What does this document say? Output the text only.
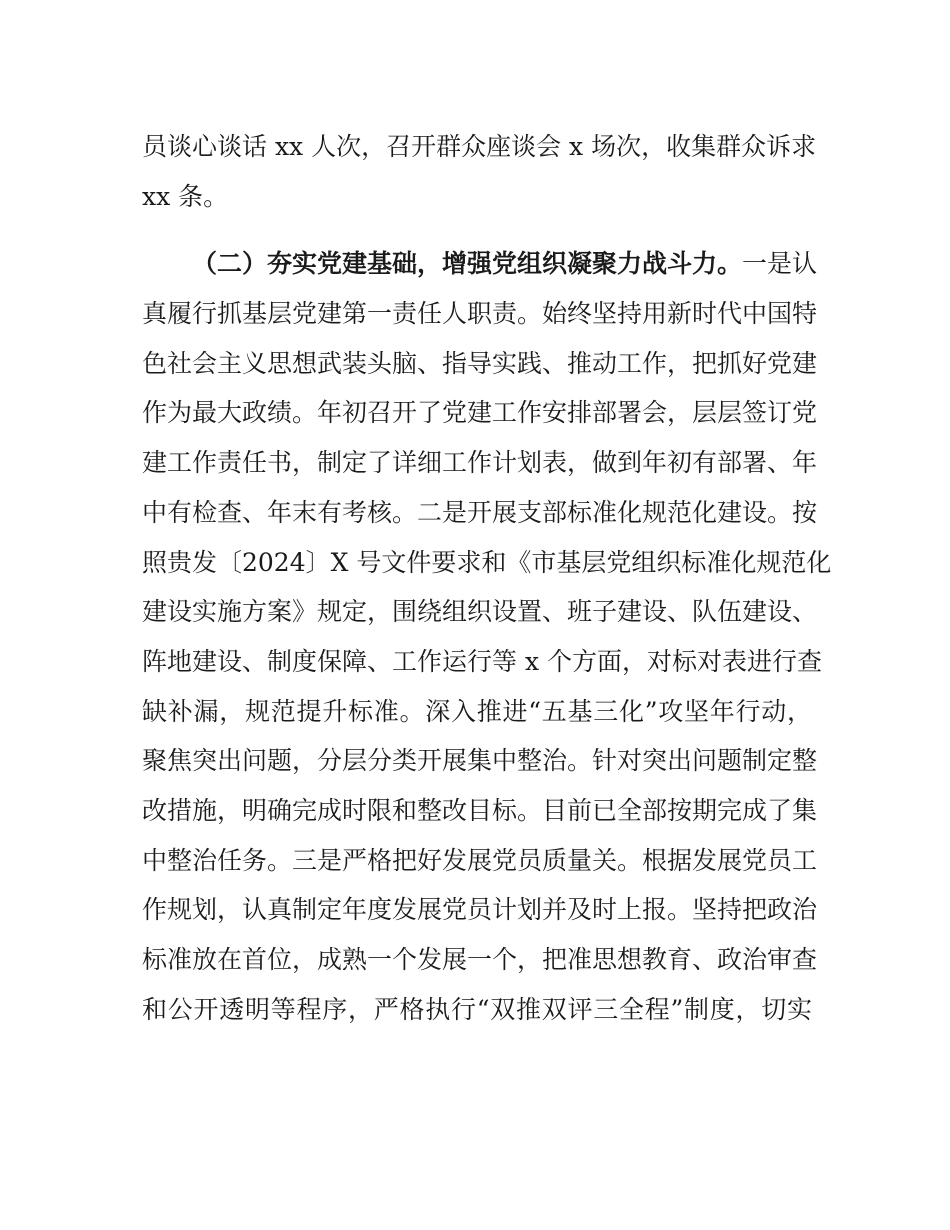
员谈心谈话 xx 人次，召开群众座谈会 x 场次，收集群众诉求
xx 条。
（二）夯实党建基础，增强党组织凝聚力战斗力。一是认
真履行抓基层党建第一责任人职责。始终坚持用新时代中国特
色社会主义思想武装头脑、指导实践、推动工作，把抓好党建
作为最大政绩。年初召开了党建工作安排部署会，层层签订党
建工作责任书，制定了详细工作计划表，做到年初有部署、年
中有检查、年末有考核。二是开展支部标准化规范化建设。按
照贵发〔2024〕X 号文件要求和《市基层党组织标准化规范化
建设实施方案》规定，围绕组织设置、班子建设、队伍建设、
阵地建设、制度保障、工作运行等 x 个方面，对标对表进行查
缺补漏，规范提升标准。深入推进“五基三化”攻坚年行动，
聚焦突出问题，分层分类开展集中整治。针对突出问题制定整
改措施，明确完成时限和整改目标。目前已全部按期完成了集
中整治任务。三是严格把好发展党员质量关。根据发展党员工
作规划，认真制定年度发展党员计划并及时上报。坚持把政治
标准放在首位，成熟一个发展一个，把准思想教育、政治审查
和公开透明等程序，严格执行“双推双评三全程”制度，切实
